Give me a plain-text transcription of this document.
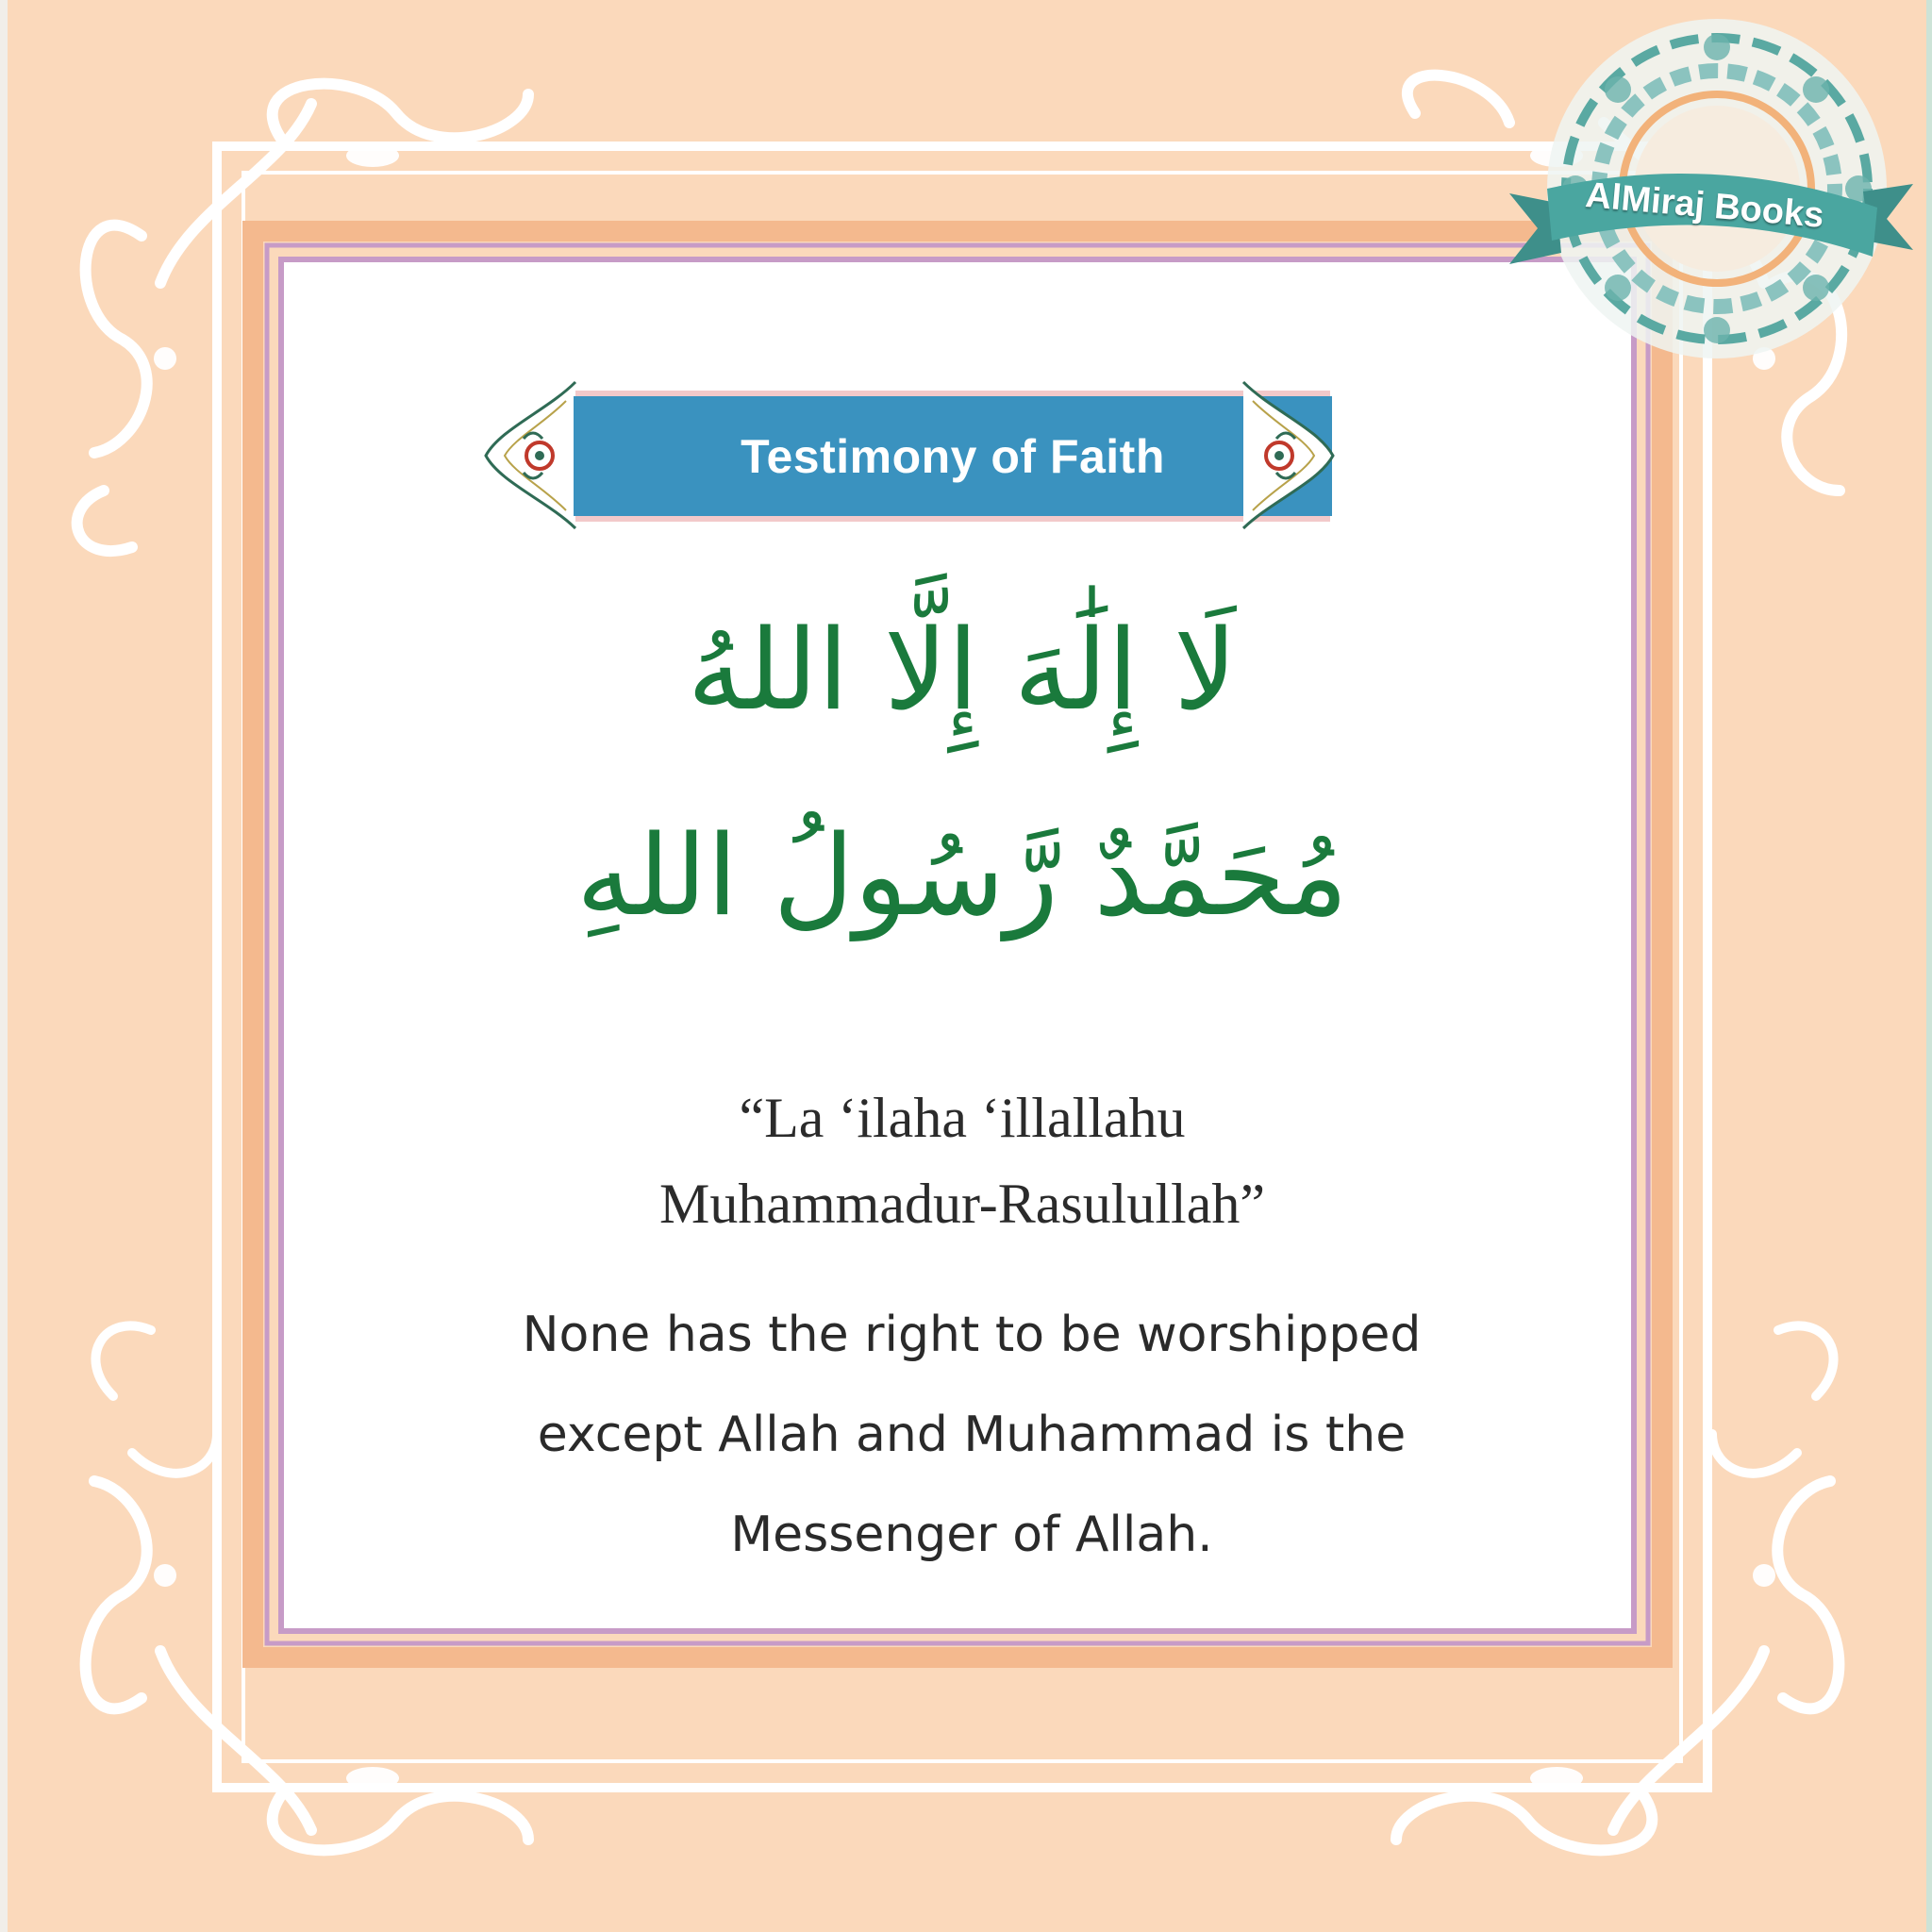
Testimony of Faith
لَا إِلَٰهَ إِلَّا اللهُ
مُحَمَّدٌ رَّسُولُ اللهِ
“La ‘ilaha ‘illallahu
Muhammadur-Rasulullah”
None has the right to be worshipped
except Allah and Muhammad is the
Messenger of Allah.
AlMiraj Books
